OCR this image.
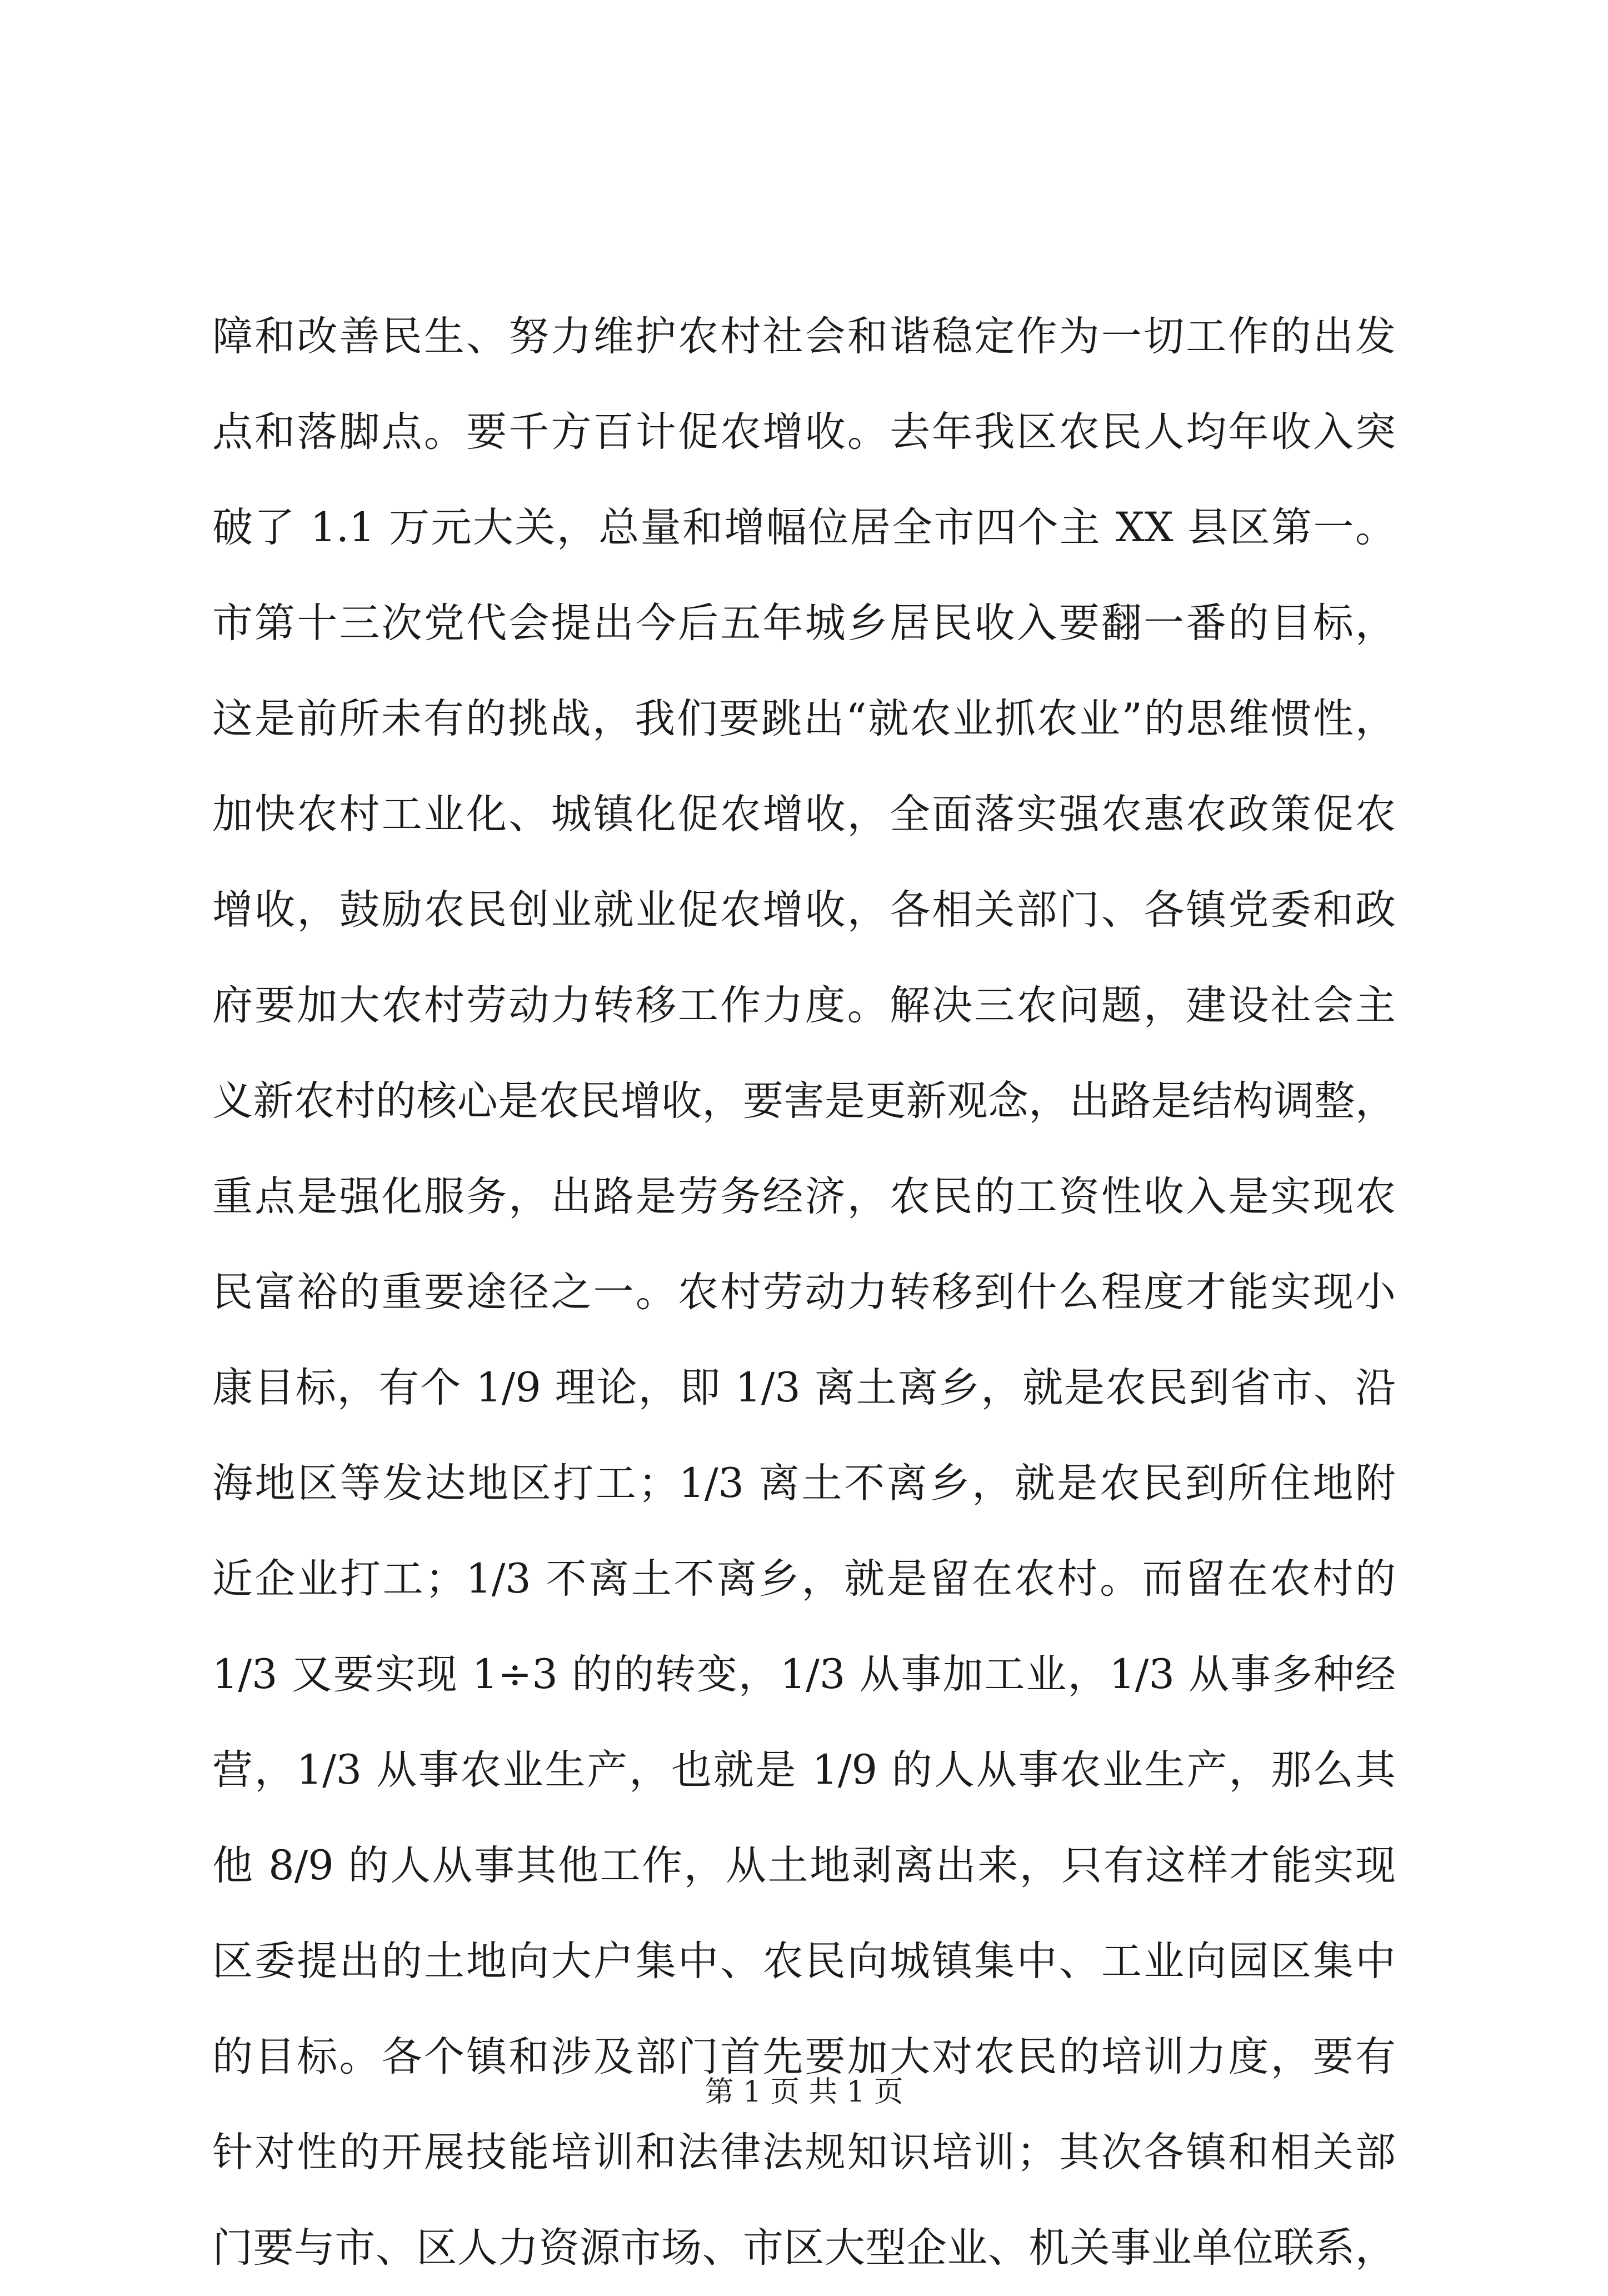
障和改善民生、努力维护农村社会和谐稳定作为一切工作的出发
点和落脚点。要千方百计促农增收。去年我区农民人均年收入突
破了 1.1 万元大关，总量和增幅位居全市四个主 XX 县区第一。
市第十三次党代会提出今后五年城乡居民收入要翻一番的目标，
这是前所未有的挑战，我们要跳出“就农业抓农业”的思维惯性，
加快农村工业化、城镇化促农增收，全面落实强农惠农政策促农
增收，鼓励农民创业就业促农增收，各相关部门、各镇党委和政
府要加大农村劳动力转移工作力度。解决三农问题，建设社会主
义新农村的核心是农民增收，要害是更新观念，出路是结构调整，
重点是强化服务，出路是劳务经济，农民的工资性收入是实现农
民富裕的重要途径之一。农村劳动力转移到什么程度才能实现小
康目标，有个 1/9 理论，即 1/3 离土离乡，就是农民到省市、沿
海地区等发达地区打工；1/3 离土不离乡，就是农民到所住地附
近企业打工；1/3 不离土不离乡，就是留在农村。而留在农村的
1/3 又要实现 1÷3 的的转变，1/3 从事加工业，1/3 从事多种经
营，1/3 从事农业生产，也就是 1/9 的人从事农业生产，那么其
他 8/9 的人从事其他工作，从土地剥离出来，只有这样才能实现
区委提出的土地向大户集中、农民向城镇集中、工业向园区集中
的目标。各个镇和涉及部门首先要加大对农民的培训力度，要有
针对性的开展技能培训和法律法规知识培训；其次各镇和相关部
门要与市、区人力资源市场、市区大型企业、机关事业单位联系，
第 1 页 共 1 页
